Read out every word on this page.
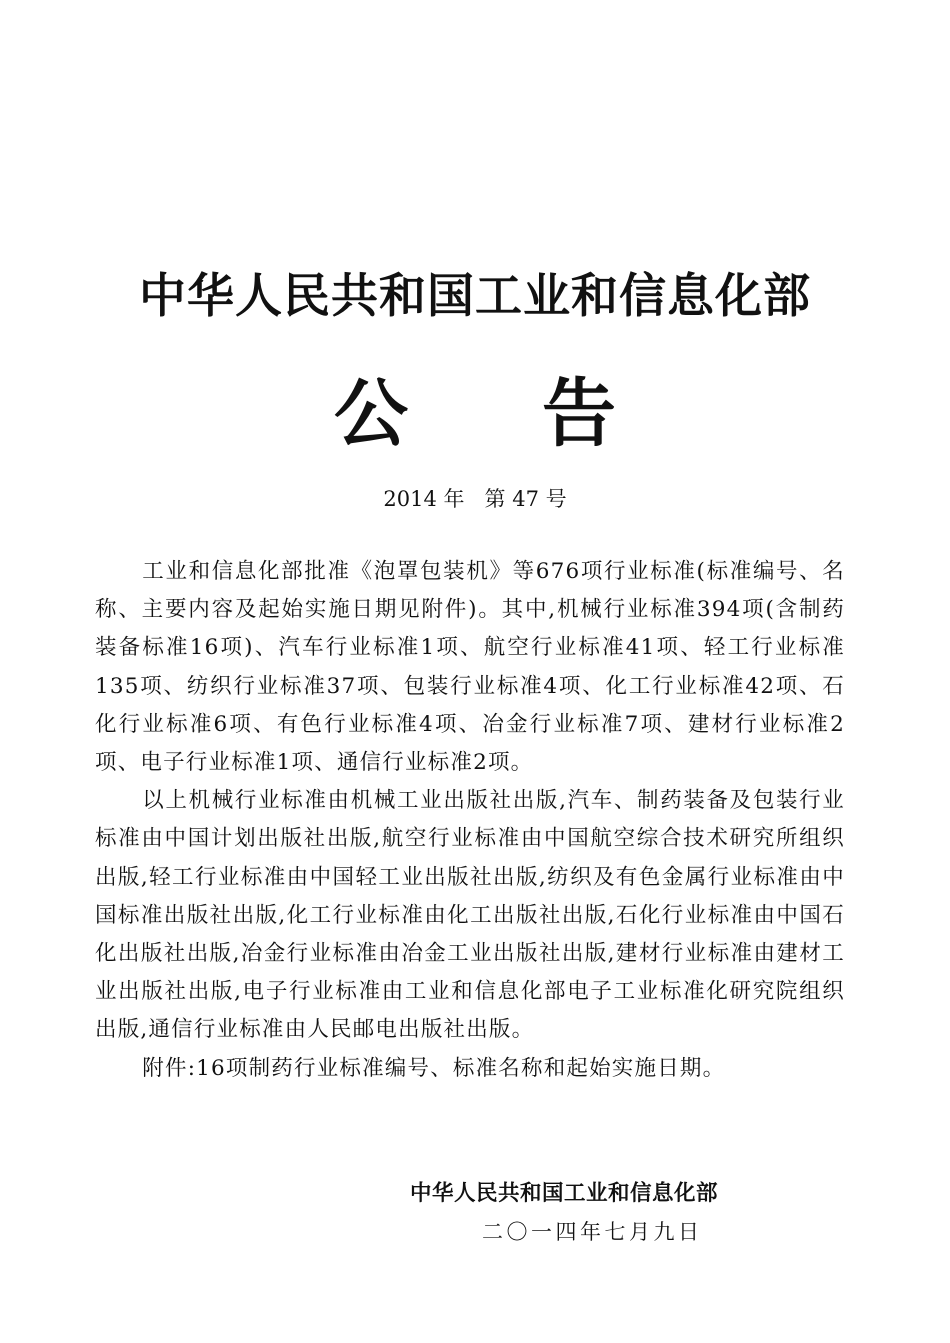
中华人民共和国工业和信息化部
公告
2014 年   第 47 号

工业和信息化部批准《泡罩包装机》等676项行业标准(标准编号、名称、主要内容及起始实施日期见附件)。其中,机械行业标准394项(含制药装备标准16项)、汽车行业标准1项、航空行业标准41项、轻工行业标准135项、纺织行业标准37项、包装行业标准4项、化工行业标准42项、石化行业标准6项、有色行业标准4项、冶金行业标准7项、建材行业标准2项、电子行业标准1项、通信行业标准2项。

以上机械行业标准由机械工业出版社出版,汽车、制药装备及包装行业标准由中国计划出版社出版,航空行业标准由中国航空综合技术研究所组织出版,轻工行业标准由中国轻工业出版社出版,纺织及有色金属行业标准由中国标准出版社出版,化工行业标准由化工出版社出版,石化行业标准由中国石化出版社出版,冶金行业标准由冶金工业出版社出版,建材行业标准由建材工业出版社出版,电子行业标准由工业和信息化部电子工业标准化研究院组织出版,通信行业标准由人民邮电出版社出版。

附件:16项制药行业标准编号、标准名称和起始实施日期。

中华人民共和国工业和信息化部
二〇一四年七月九日
